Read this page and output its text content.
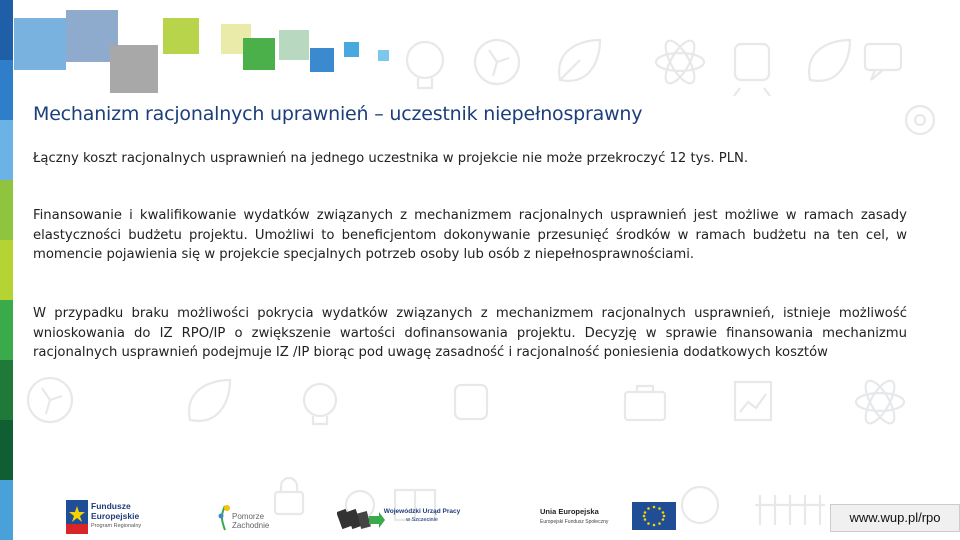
Mechanizm racjonalnych uprawnień – uczestnik niepełnosprawny
Łączny koszt racjonalnych usprawnień na jednego uczestnika w projekcie nie może przekroczyć 12 tys. PLN.
Finansowanie i kwalifikowanie wydatków związanych z mechanizmem racjonalnych usprawnień jest możliwe w ramach zasady elastyczności budżetu projektu. Umożliwi to beneficjentom dokonywanie przesunięć środków w ramach budżetu na ten cel, w momencie pojawienia się w projekcie specjalnych potrzeb osoby lub osób z niepełnosprawnościami.
W przypadku braku możliwości pokrycia wydatków związanych z mechanizmem racjonalnych usprawnień, istnieje możliwość wnioskowania do IZ RPO/IP o zwiększenie wartości dofinansowania projektu. Decyzję w sprawie finansowania mechanizmu racjonalnych usprawnień podejmuje IZ /IP biorąc pod uwagę zasadność i racjonalność poniesienia dodatkowych kosztów
Fundusze
Europejskie
Program Regionalny
Pomorze
Zachodnie
Wojewódzki Urząd Pracy
w Szczecinie
Unia Europejska
Europejski Fundusz Społeczny	www.wup.pl/rpo
